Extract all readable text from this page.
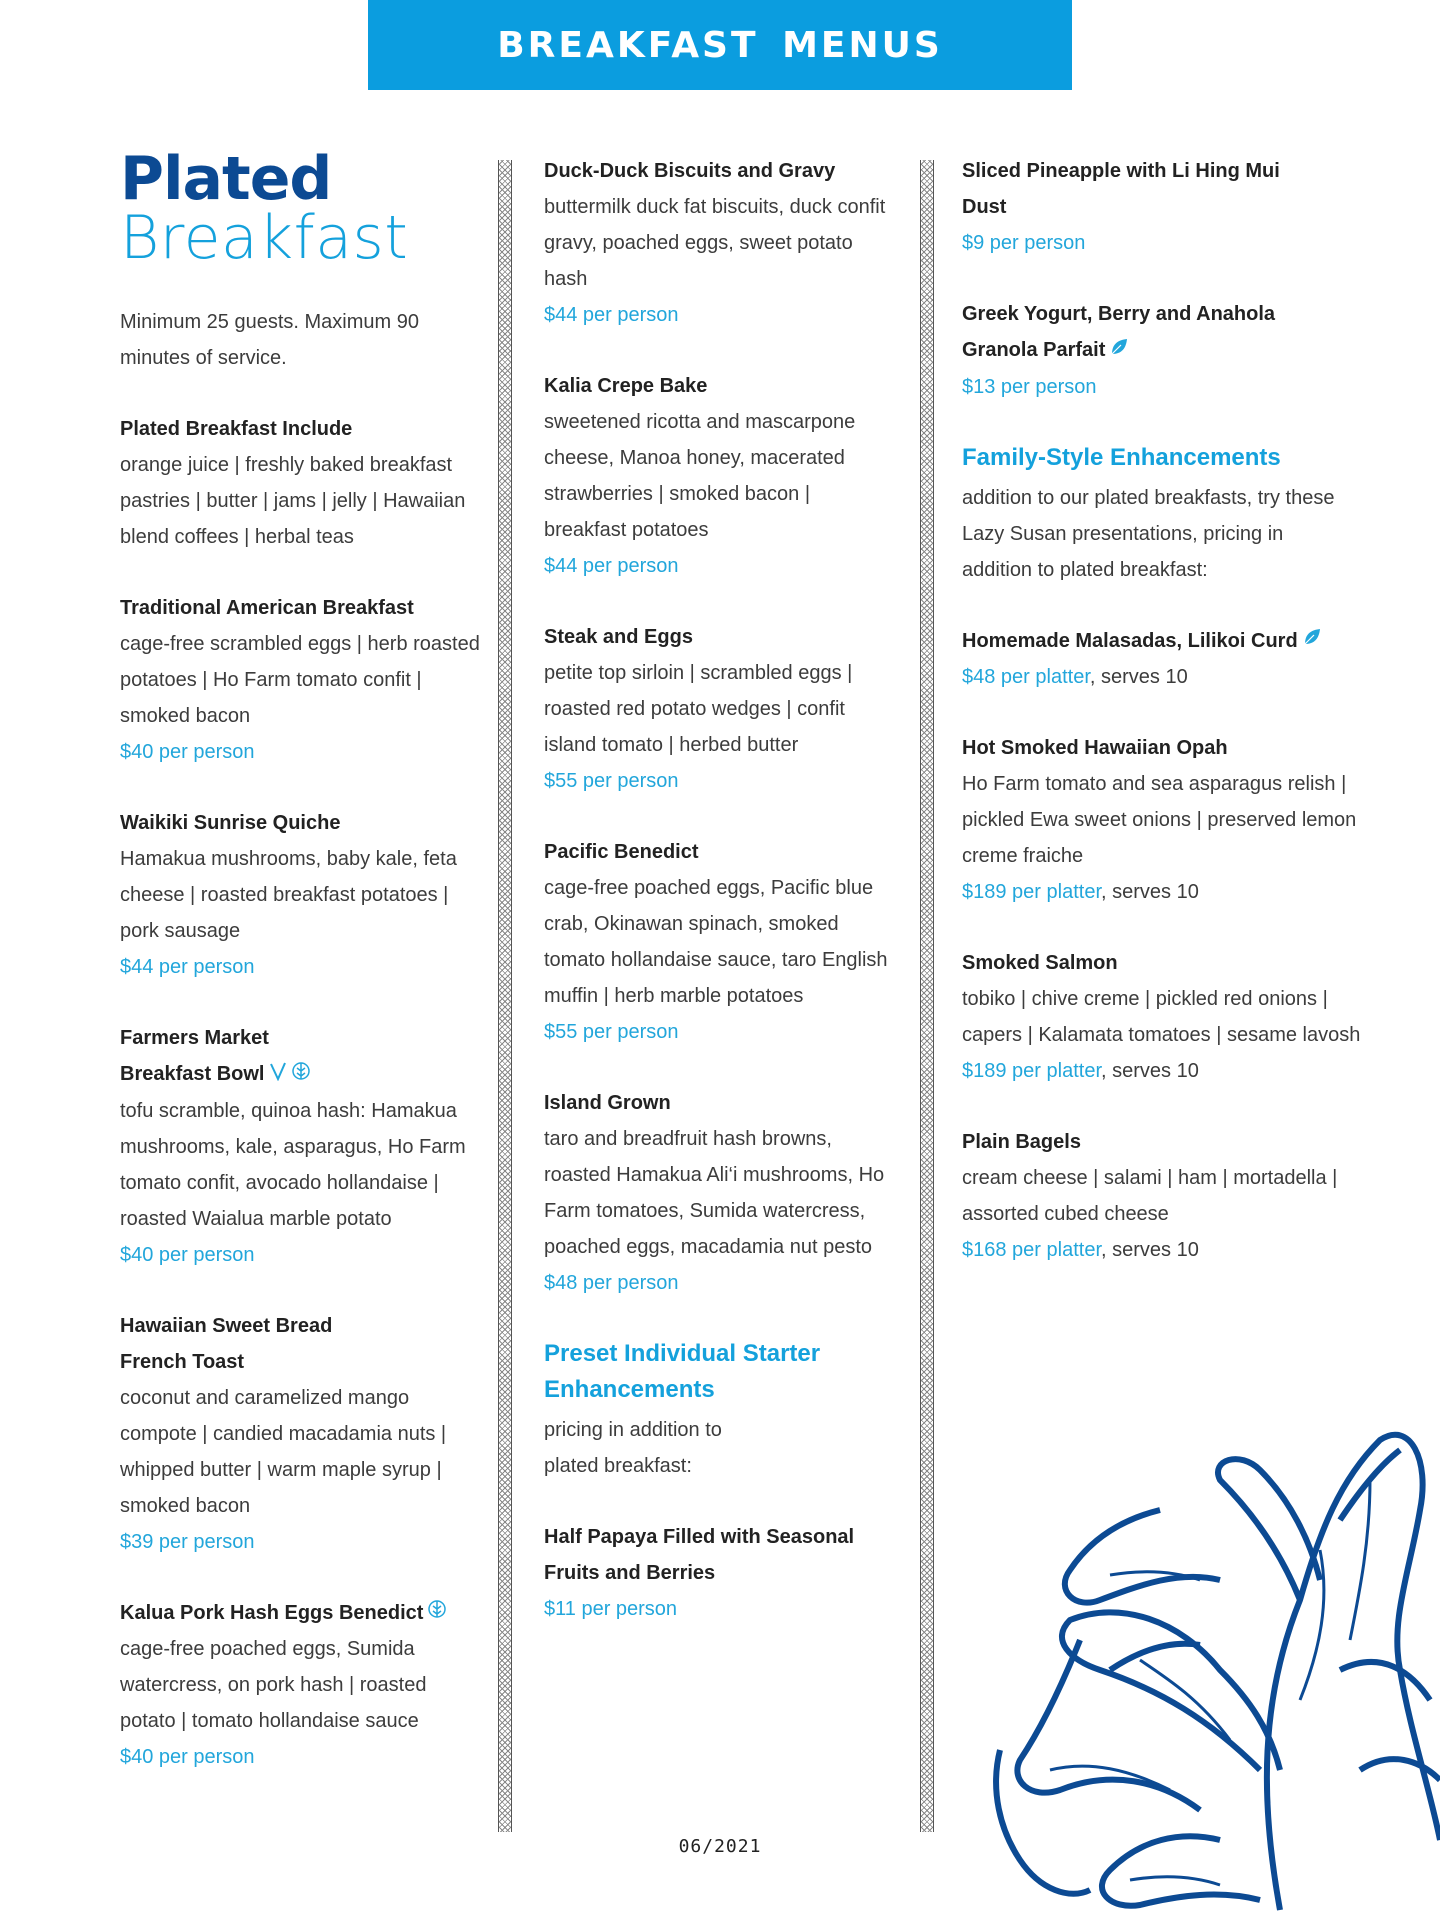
BREAKFAST MENUS
Plated
Breakfast

Minimum 25 guests. Maximum 90 minutes of service.

Plated Breakfast Include

orange juice | freshly baked breakfast pastries | butter | jams | jelly | Hawaiian blend coffees | herbal teas

Traditional American Breakfast

cage-free scrambled eggs | herb roasted potatoes | Ho Farm tomato confit | smoked bacon

$40 per person

Waikiki Sunrise Quiche

Hamakua mushrooms, baby kale, feta cheese | roasted breakfast potatoes | pork sausage

$44 per person

Farmers Market Breakfast Bowl

tofu scramble, quinoa hash: Hamakua mushrooms, kale, asparagus, Ho Farm tomato confit, avocado hollandaise | roasted Waialua marble potato

$40 per person

Hawaiian Sweet Bread French Toast

coconut and caramelized mango compote | candied macadamia nuts | whipped butter | warm maple syrup | smoked bacon

$39 per person

Kalua Pork Hash Eggs Benedict

cage-free poached eggs, Sumida watercress, on pork hash | roasted potato | tomato hollandaise sauce

$40 per person

Duck-Duck Biscuits and Gravy

buttermilk duck fat biscuits, duck confit gravy, poached eggs, sweet potato hash

$44 per person

Kalia Crepe Bake

sweetened ricotta and mascarpone cheese, Manoa honey, macerated strawberries | smoked bacon | breakfast potatoes

$44 per person

Steak and Eggs

petite top sirloin | scrambled eggs | roasted red potato wedges | confit island tomato | herbed butter

$55 per person

Pacific Benedict

cage-free poached eggs, Pacific blue crab, Okinawan spinach, smoked tomato hollandaise sauce, taro English muffin | herb marble potatoes

$55 per person

Island Grown

taro and breadfruit hash browns, roasted Hamakua Ali‘i mushrooms, Ho Farm tomatoes, Sumida watercress, poached eggs, macadamia nut pesto

$48 per person

Preset Individual Starter Enhancements

pricing in addition to plated breakfast:

Half Papaya Filled with Seasonal Fruits and Berries

$11 per person

Sliced Pineapple with Li Hing Mui Dust

$9 per person

Greek Yogurt, Berry and Anahola Granola Parfait

$13 per person

Family-Style Enhancements

addition to our plated breakfasts, try these Lazy Susan presentations, pricing in addition to plated breakfast:

Homemade Malasadas, Lilikoi Curd

$48 per platter, serves 10

Hot Smoked Hawaiian Opah

Ho Farm tomato and sea asparagus relish | pickled Ewa sweet onions | preserved lemon creme fraiche

$189 per platter, serves 10

Smoked Salmon

tobiko | chive creme | pickled red onions | capers | Kalamata tomatoes | sesame lavosh

$189 per platter, serves 10

Plain Bagels

cream cheese | salami | ham | mortadella | assorted cubed cheese

$168 per platter, serves 10

06/2021
